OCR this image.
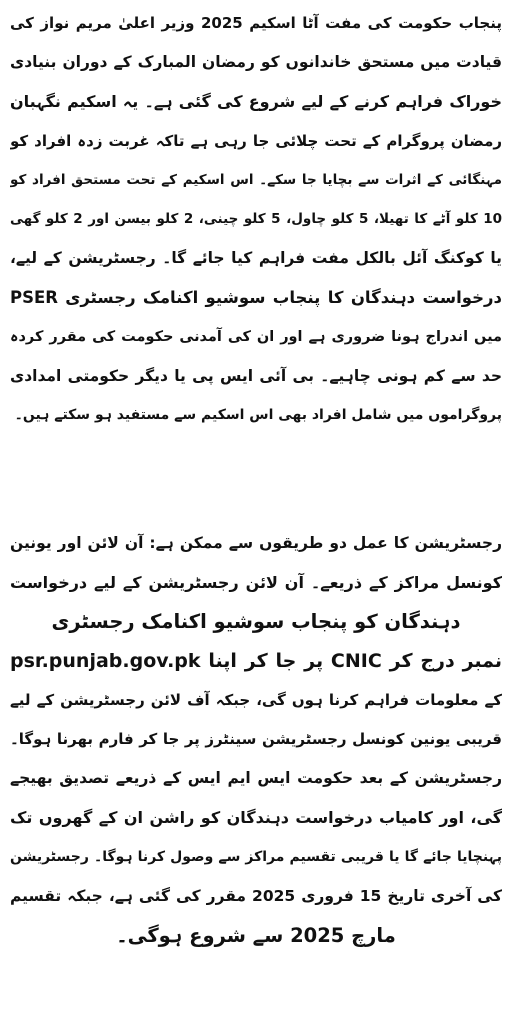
پنجاب حکومت کی مفت آٹا اسکیم 2025 وزیر اعلیٰ مریم نواز کی
قیادت میں مستحق خاندانوں کو رمضان المبارک کے دوران بنیادی
خوراک فراہم کرنے کے لیے شروع کی گئی ہے۔ یہ اسکیم نگہبان
رمضان پروگرام کے تحت چلائی جا رہی ہے تاکہ غربت زدہ افراد کو
مہنگائی کے اثرات سے بچایا جا سکے۔ اس اسکیم کے تحت مستحق افراد کو
10 کلو آٹے کا تھیلا، 5 کلو چاول، 5 کلو چینی، 2 کلو بیسن اور 2 کلو گھی
یا کوکنگ آئل بالکل مفت فراہم کیا جائے گا۔ رجسٹریشن کے لیے،
درخواست دہندگان کا پنجاب سوشیو اکنامک رجسٹری PSER
میں اندراج ہونا ضروری ہے اور ان کی آمدنی حکومت کی مقرر کردہ
حد سے کم ہونی چاہیے۔ بی آئی ایس پی یا دیگر حکومتی امدادی
پروگراموں میں شامل افراد بھی اس اسکیم سے مستفید ہو سکتے ہیں۔
رجسٹریشن کا عمل دو طریقوں سے ممکن ہے: آن لائن اور یونین
کونسل مراکز کے ذریعے۔ آن لائن رجسٹریشن کے لیے درخواست
دہندگان کو پنجاب سوشیو اکنامک رجسٹری
psr.punjab.gov.pk پر جا کر اپنا CNIC نمبر درج کر
کے معلومات فراہم کرنا ہوں گی، جبکہ آف لائن رجسٹریشن کے لیے
قریبی یونین کونسل رجسٹریشن سینٹرز پر جا کر فارم بھرنا ہوگا۔
رجسٹریشن کے بعد حکومت ایس ایم ایس کے ذریعے تصدیق بھیجے
گی، اور کامیاب درخواست دہندگان کو راشن ان کے گھروں تک
پہنچایا جائے گا یا قریبی تقسیم مراکز سے وصول کرنا ہوگا۔ رجسٹریشن
کی آخری تاریخ 15 فروری 2025 مقرر کی گئی ہے، جبکہ تقسیم
مارچ 2025 سے شروع ہوگی۔
